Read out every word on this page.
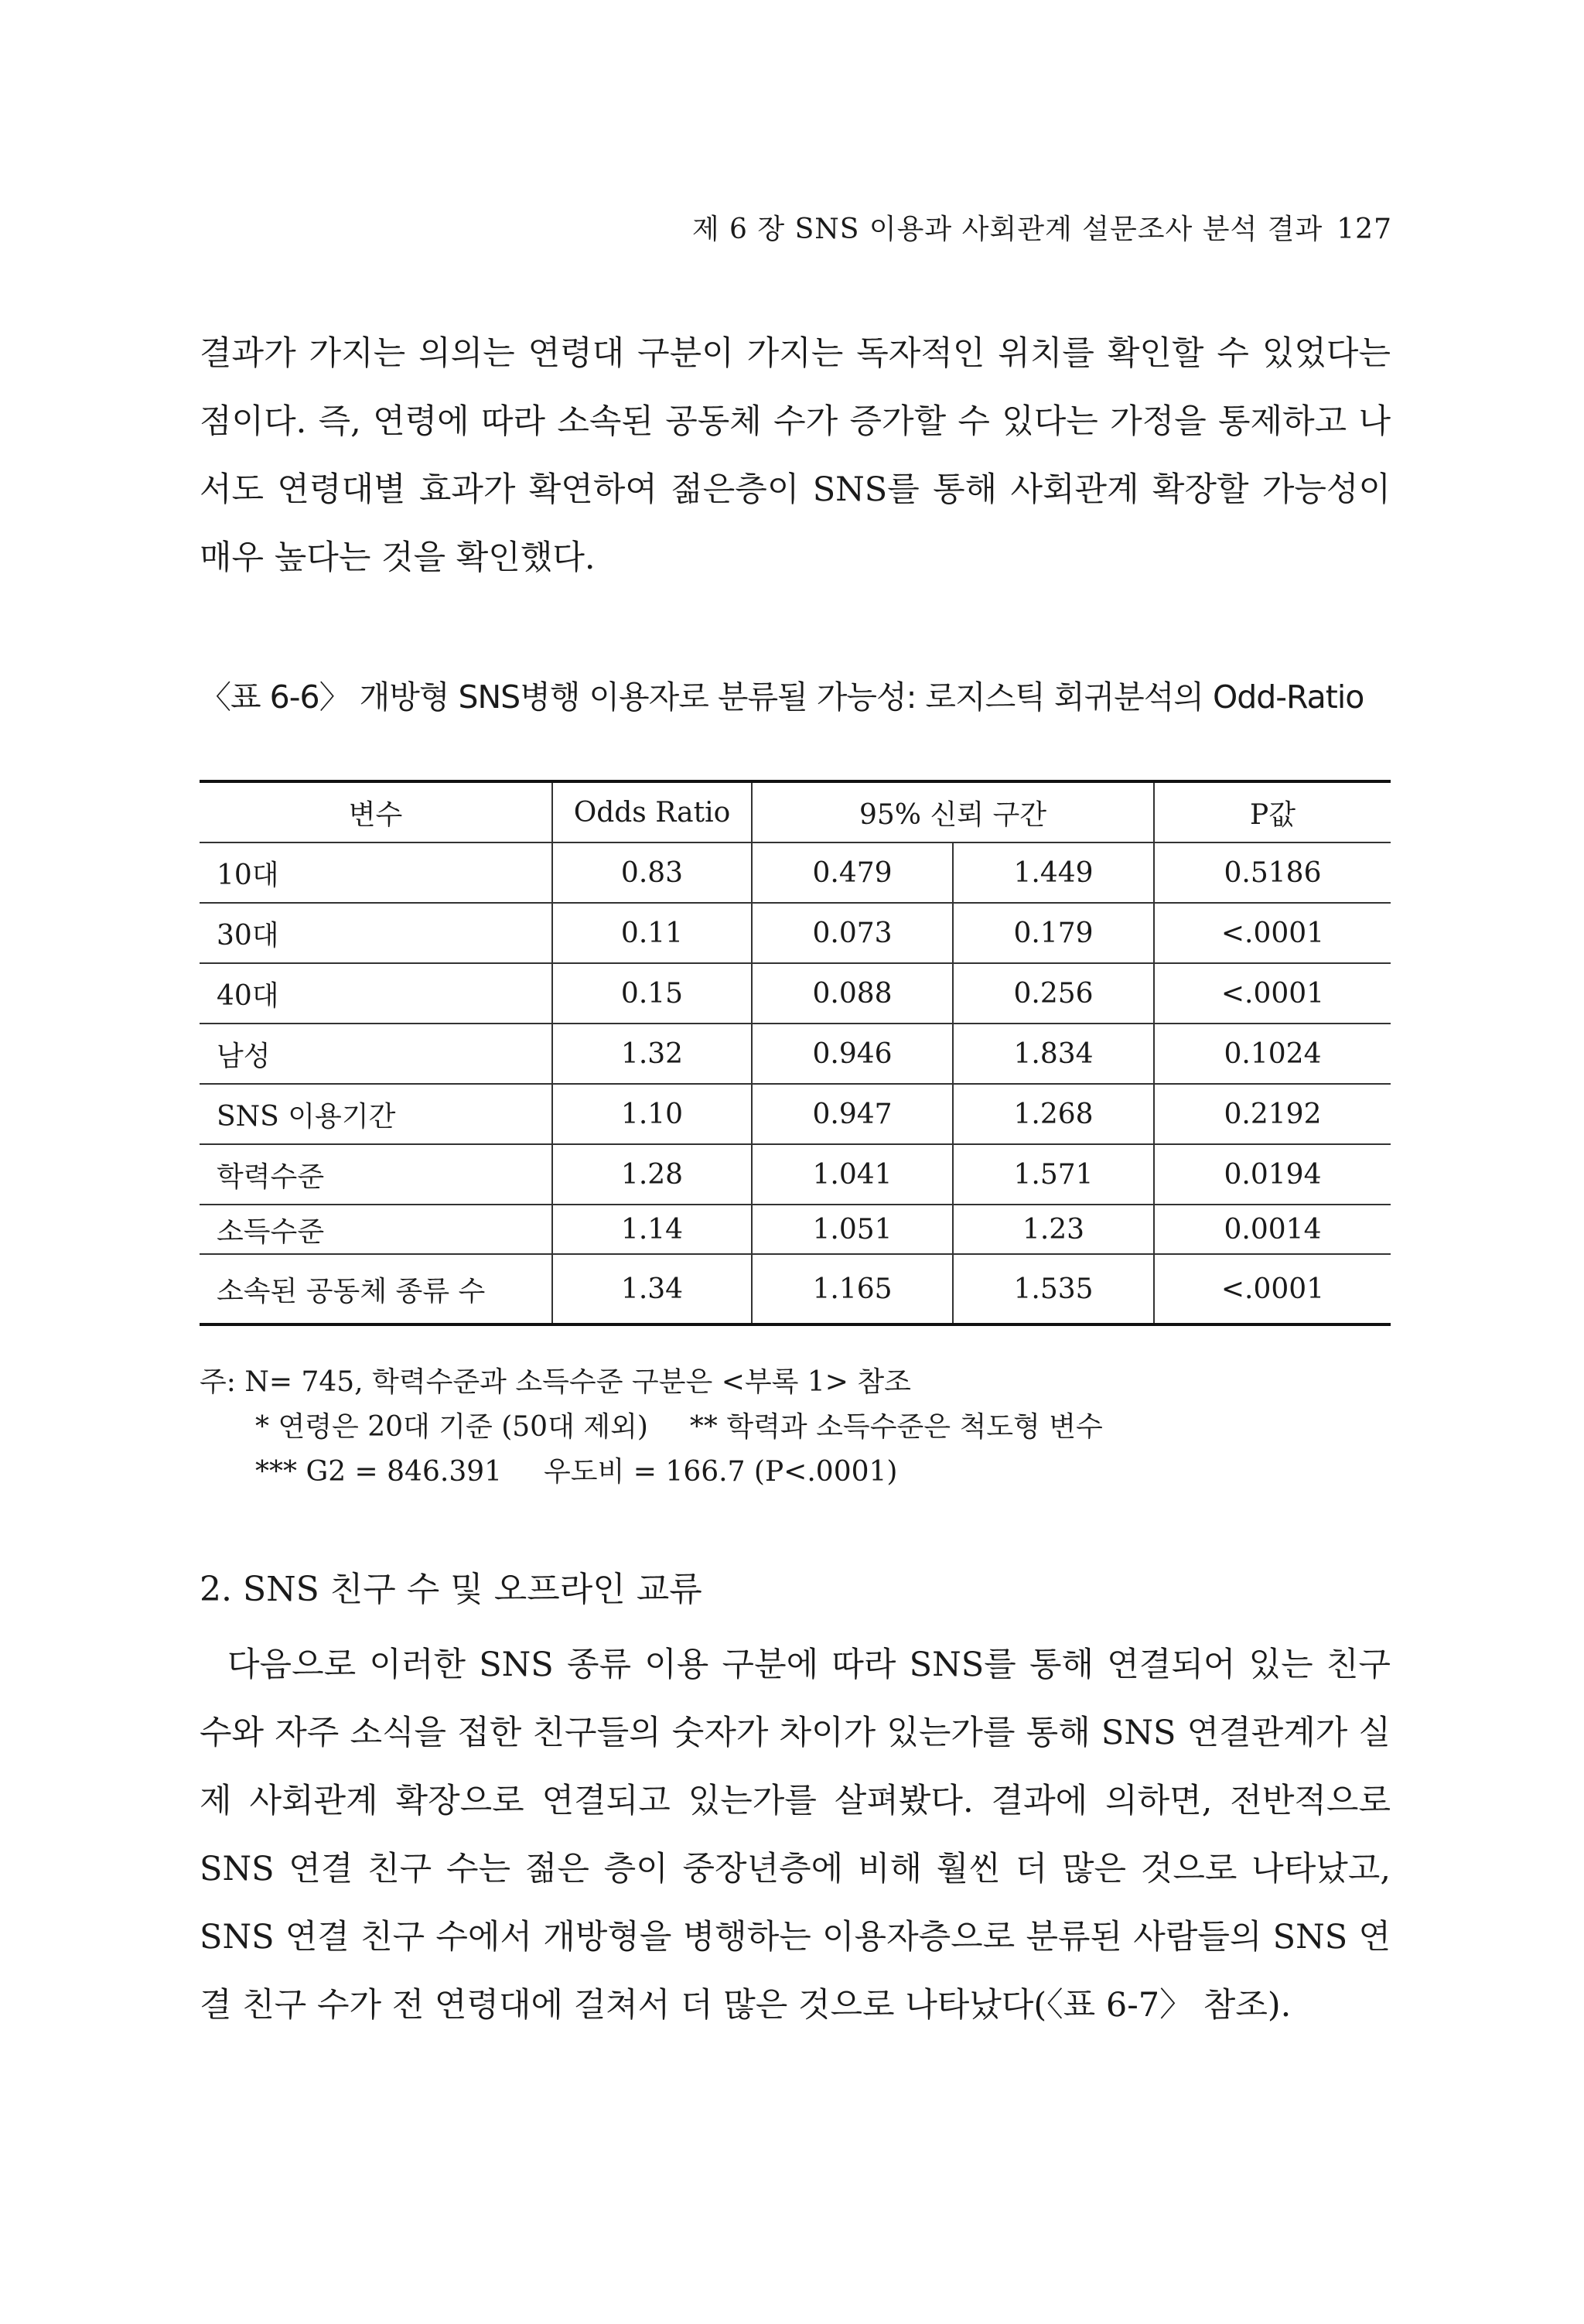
제 6 장 SNS 이용과 사회관계 설문조사 분석 결과 127

결과가 가지는 의의는 연령대 구분이 가지는 독자적인 위치를 확인할 수 있었다는 점이다. 즉, 연령에 따라 소속된 공동체 수가 증가할 수 있다는 가정을 통제하고 나서도 연령대별 효과가 확연하여 젊은층이 SNS를 통해 사회관계 확장할 가능성이 매우 높다는 것을 확인했다.

〈표 6-6〉 개방형 SNS병행 이용자로 분류될 가능성: 로지스틱 회귀분석의 Odd-Ratio
변수	Odds Ratio	95% 신뢰 구간		P값
10대	0.83	0.479	1.449	0.5186
30대	0.11	0.073	0.179	<.0001
40대	0.15	0.088	0.256	<.0001
남성	1.32	0.946	1.834	0.1024
SNS 이용기간	1.10	0.947	1.268	0.2192
학력수준	1.28	1.041	1.571	0.0194
소득수준	1.14	1.051	1.23	0.0014
소속된 공동체 종류 수	1.34	1.165	1.535	<.0001
주: N= 745, 학력수준과 소득수준 구분은 <부록 1> 참조
* 연령은 20대 기준 (50대 제외) ** 학력과 소득수준은 척도형 변수
*** G2 = 846.391 우도비 = 166.7 (P<.0001)
2. SNS 친구 수 및 오프라인 교류

다음으로 이러한 SNS 종류 이용 구분에 따라 SNS를 통해 연결되어 있는 친구수와 자주 소식을 접한 친구들의 숫자가 차이가 있는가를 통해 SNS 연결관계가 실제 사회관계 확장으로 연결되고 있는가를 살펴봤다. 결과에 의하면, 전반적으로 SNS 연결 친구 수는 젊은 층이 중장년층에 비해 훨씬 더 많은 것으로 나타났고, SNS 연결 친구 수에서 개방형을 병행하는 이용자층으로 분류된 사람들의 SNS 연결 친구 수가 전 연령대에 걸쳐서 더 많은 것으로 나타났다(〈표 6-7〉 참조).
